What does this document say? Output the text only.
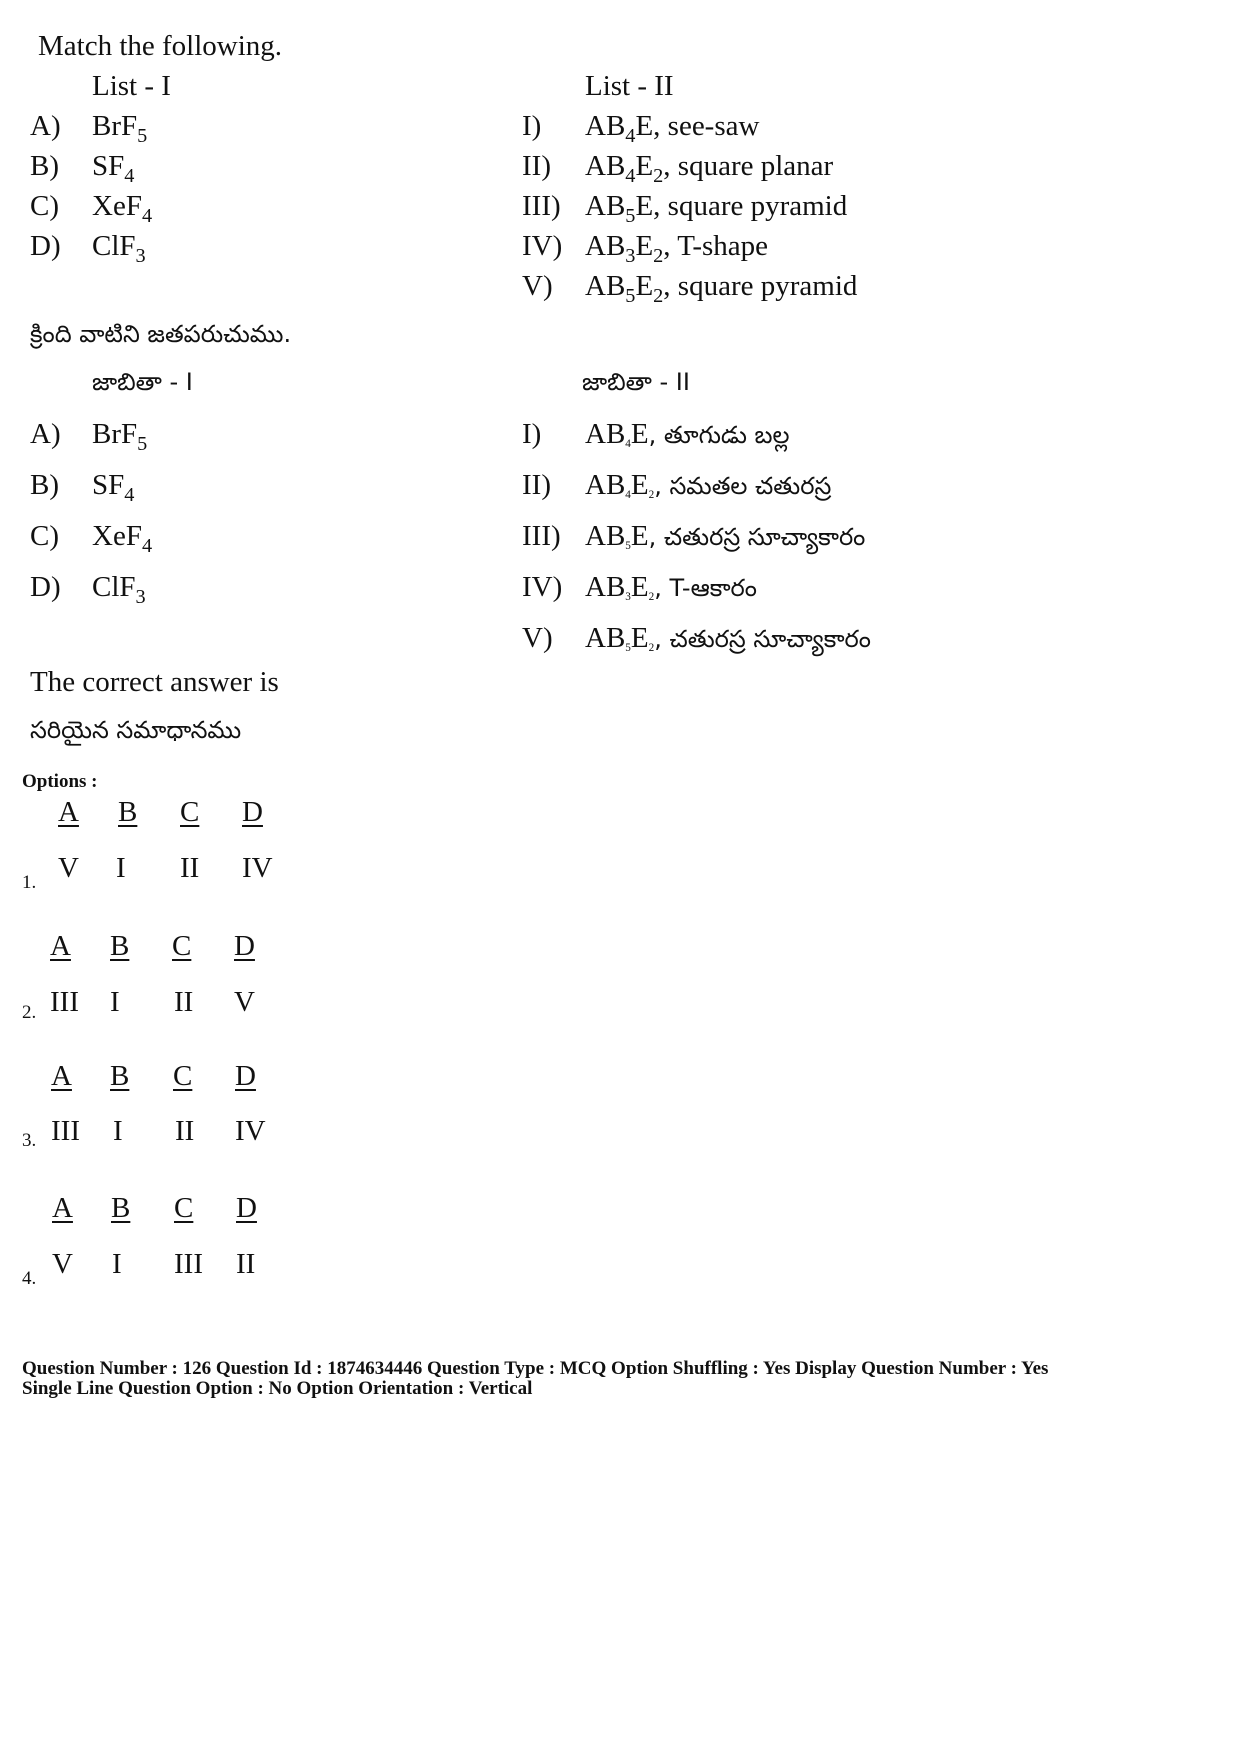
Match the following.
List - I	List - II
A) BrF$_5$
B) $SF_4$
C) XeF$_4$
D) ClF$_3$
I) $AB_4E$, see-saw
II) $AB_4E_2$, square planar
III) $AB_5E$, square pyramid
IV) $AB_3E_2$, T-shape
V) $AB_5E_2$, square pyramid
క్రింది వాటిని జతపరుచుము.
జాబితా - I	జాబితా - II
A) BrF$_5$
B) $SF_4$
C) XeF$_4$
D) ClF$_3$
I) $AB_4E$, తూగుడు బల్ల
II) $AB_4E_2$, సమతల చతురస్ర
III) $AB_5E$, చతురస్ర సూచ్యాకారం
IV) $AB_3E_2$, T-ఆకారం
V) $AB_5E_2$, చతురస్ర సూచ్యాకారం
The correct answer is
సరియైన సమాధానము
Options :
A B C D
V I II IV
1.
A B C D
III I II V
2.
A B C D
III I II IV
3.
A B C D
V I III II
4.
Question Number : 126 Question Id : 1874634446 Question Type : MCQ Option Shuffling : Yes Display Question Number : Yes
Single Line Question Option : No Option Orientation : Vertical
